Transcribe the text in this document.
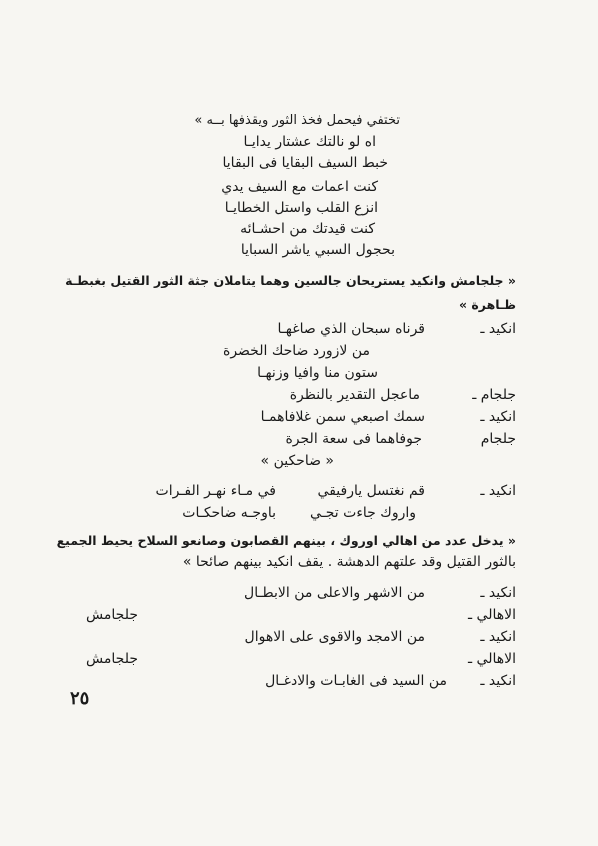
تختفي فيحمل فخذ الثور ويقذفها بــه »
اه لو نالتك عشتار يدايـا
خبط السيف البقايا فى البقايا
كنت اعمات مع السيف يدي
انزع القلب واستل الخطايـا
كنت قيدتك من احشـائه
بحجول السبي ياشر السبايا
« جلجامش وانكيد يستريحان جالسين وهما يتاملان جثة الثور القتيل بغبطـة
ظـاهرة »
انكيد ـ
قرناه سبحان الذي صاغهـا
من لازورد ضاحك الخضرة
ستون منا وافيا وزنهـا
جلجام ـ
ماعجل التقدير بالنظرة
انكيد ـ
سمك اصبعي سمن غلافاهمـا
جلجام
جوفاهما فى سعة الجرة
« ضاحكين »
انكيد ـ
قم نغتسل يارفيقي
في مـاء نهـر الفـرات
واروك جاءت تجـي
باوجـه ضاحكـات
« يدخل عدد من اهالي اوروك ، بينهم القصابون وصانعو السلاح يحيط الجميع
بالثور القتيل وقد علتهم الدهشة . يقف انكيد بينهم صائحا »
انكيد ـ
من الاشهر والاعلى من الابطـال
الاهالي ـ
جلجامش
انكيد ـ
من الامجد والاقوى على الاهوال
الاهالي ـ
جلجامش
انكيد ـ
من السيد فى الغابـات والادغـال
٢٥
